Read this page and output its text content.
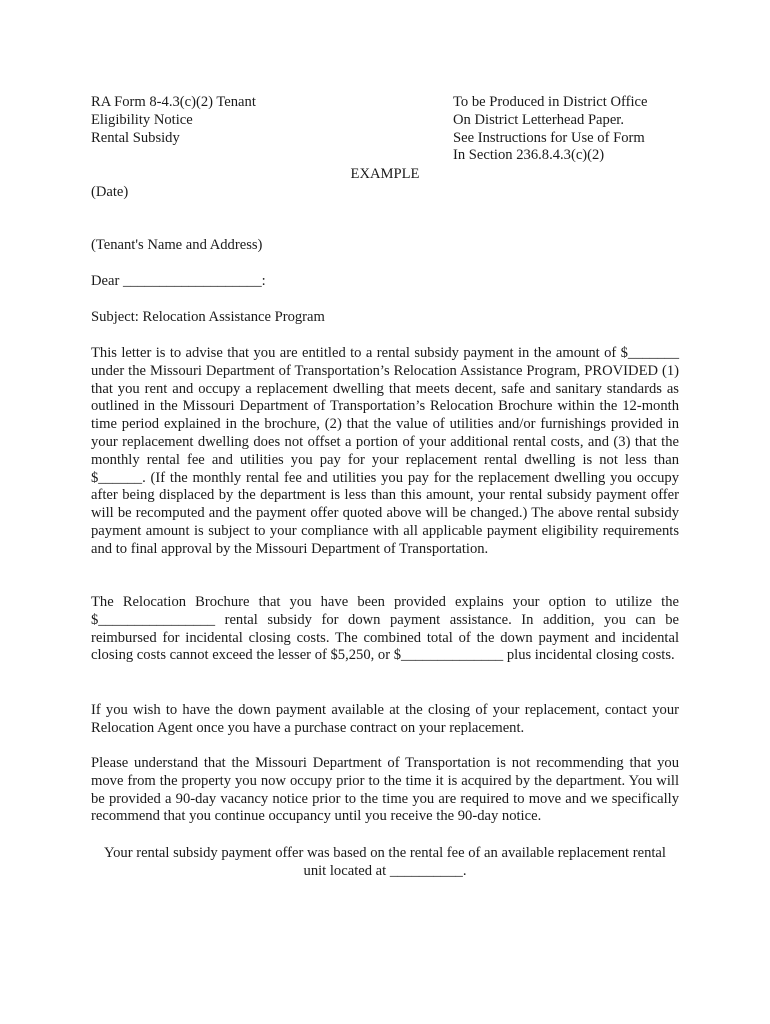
RA Form 8-4.3(c)(2) Tenant
Eligibility Notice
Rental Subsidy
To be Produced in District Office
On District Letterhead Paper.
See Instructions for Use of Form
In Section 236.8.4.3(c)(2)
EXAMPLE
(Date)
(Tenant's Name and Address)
Dear ___________________:
Subject: Relocation Assistance Program
This letter is to advise that you are entitled to a rental subsidy payment in the amount of $_______ under the Missouri Department of Transportation’s Relocation Assistance Program, PROVIDED (1) that you rent and occupy a replacement dwelling that meets decent, safe and sanitary standards as outlined in the Missouri Department of Transportation’s Relocation Brochure within the 12-month time period explained in the brochure, (2) that the value of utilities and/or furnishings provided in your replacement dwelling does not offset a portion of your additional rental costs, and (3) that the monthly rental fee and utilities you pay for your replacement rental dwelling is not less than $______. (If the monthly rental fee and utilities you pay for the replacement dwelling you occupy after being displaced by the department is less than this amount, your rental subsidy payment offer will be recomputed and the payment offer quoted above will be changed.) The above rental subsidy payment amount is subject to your compliance with all applicable payment eligibility requirements and to final approval by the Missouri Department of Transportation.
The Relocation Brochure that you have been provided explains your option to utilize the $________________ rental subsidy for down payment assistance. In addition, you can be reimbursed for incidental closing costs. The combined total of the down payment and incidental closing costs cannot exceed the lesser of $5,250, or $______________ plus incidental closing costs.
If you wish to have the down payment available at the closing of your replacement, contact your Relocation Agent once you have a purchase contract on your replacement.
Please understand that the Missouri Department of Transportation is not recommending that you move from the property you now occupy prior to the time it is acquired by the department. You will be provided a 90-day vacancy notice prior to the time you are required to move and we specifically recommend that you continue occupancy until you receive the 90-day notice.
Your rental subsidy payment offer was based on the rental fee of an available replacement rental
unit located at __________.
